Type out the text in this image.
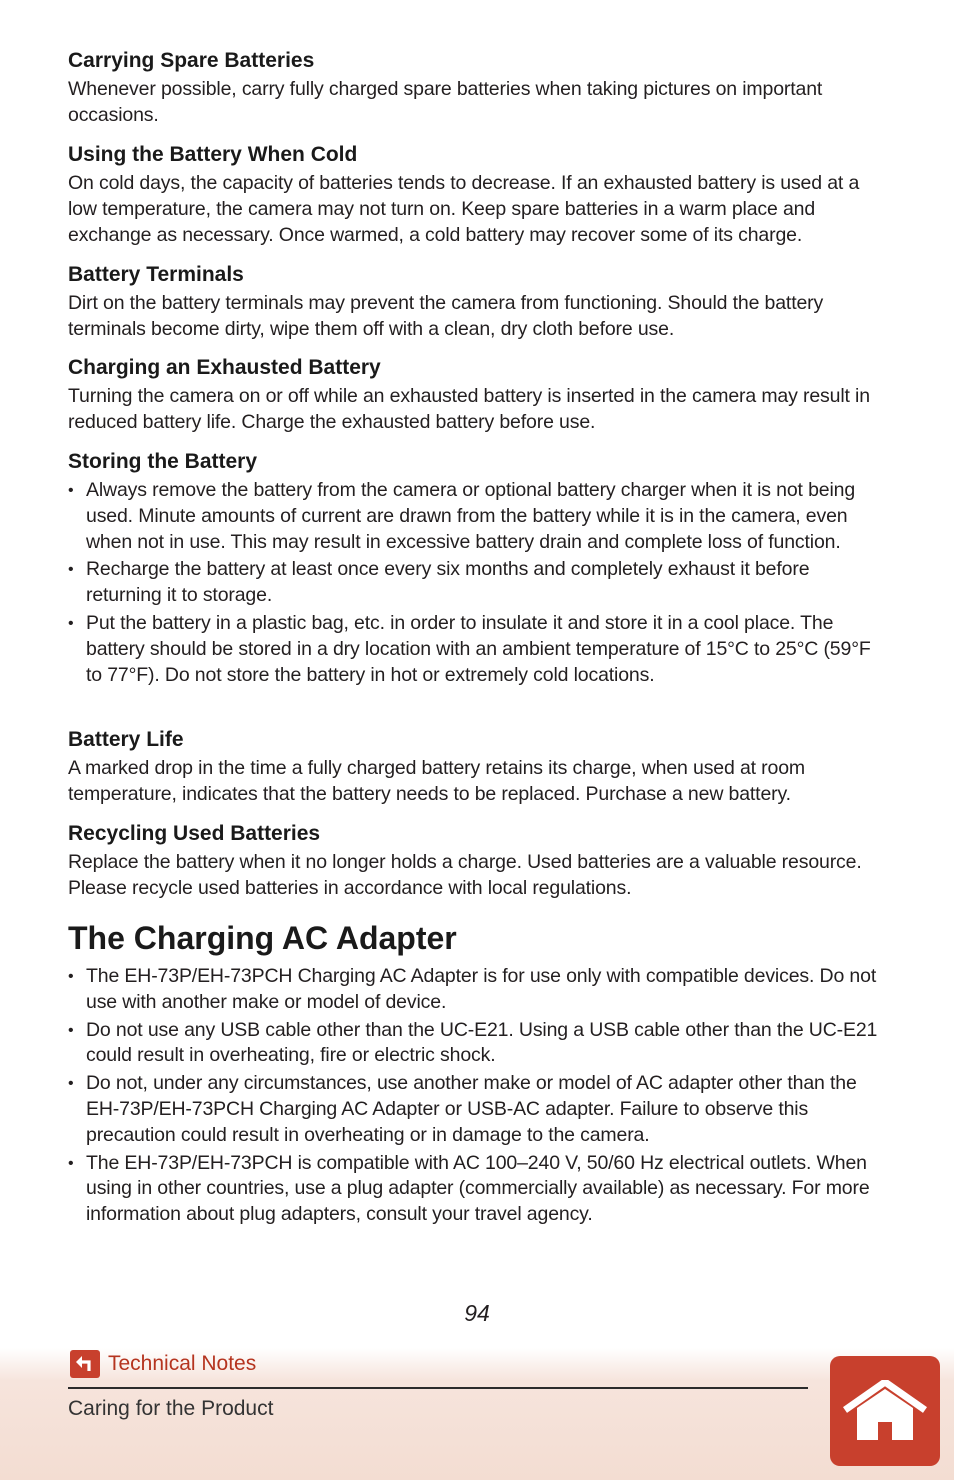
Carrying Spare Batteries

Whenever possible, carry fully charged spare batteries when taking pictures on important occasions.

Using the Battery When Cold

On cold days, the capacity of batteries tends to decrease. If an exhausted battery is used at a low temperature, the camera may not turn on. Keep spare batteries in a warm place and exchange as necessary. Once warmed, a cold battery may recover some of its charge.

Battery Terminals

Dirt on the battery terminals may prevent the camera from functioning. Should the battery terminals become dirty, wipe them off with a clean, dry cloth before use.

Charging an Exhausted Battery

Turning the camera on or off while an exhausted battery is inserted in the camera may result in reduced battery life. Charge the exhausted battery before use.

Storing the Battery
• Always remove the battery from the camera or optional battery charger when it is not being used. Minute amounts of current are drawn from the battery while it is in the camera, even when not in use. This may result in excessive battery drain and complete loss of function.
• Recharge the battery at least once every six months and completely exhaust it before returning it to storage.
• Put the battery in a plastic bag, etc. in order to insulate it and store it in a cool place. The battery should be stored in a dry location with an ambient temperature of 15°C to 25°C (59°F to 77°F). Do not store the battery in hot or extremely cold locations.
Battery Life

A marked drop in the time a fully charged battery retains its charge, when used at room temperature, indicates that the battery needs to be replaced. Purchase a new battery.

Recycling Used Batteries

Replace the battery when it no longer holds a charge. Used batteries are a valuable resource. Please recycle used batteries in accordance with local regulations.

The Charging AC Adapter
• The EH-73P/EH-73PCH Charging AC Adapter is for use only with compatible devices. Do not use with another make or model of device.
• Do not use any USB cable other than the UC-E21. Using a USB cable other than the UC-E21 could result in overheating, fire or electric shock.
• Do not, under any circumstances, use another make or model of AC adapter other than the EH-73P/EH-73PCH Charging AC Adapter or USB-AC adapter. Failure to observe this precaution could result in overheating or in damage to the camera.
• The EH-73P/EH-73PCH is compatible with AC 100–240 V, 50/60 Hz electrical outlets. When using in other countries, use a plug adapter (commercially available) as necessary. For more information about plug adapters, consult your travel agency.
94
Technical Notes
Caring for the Product
